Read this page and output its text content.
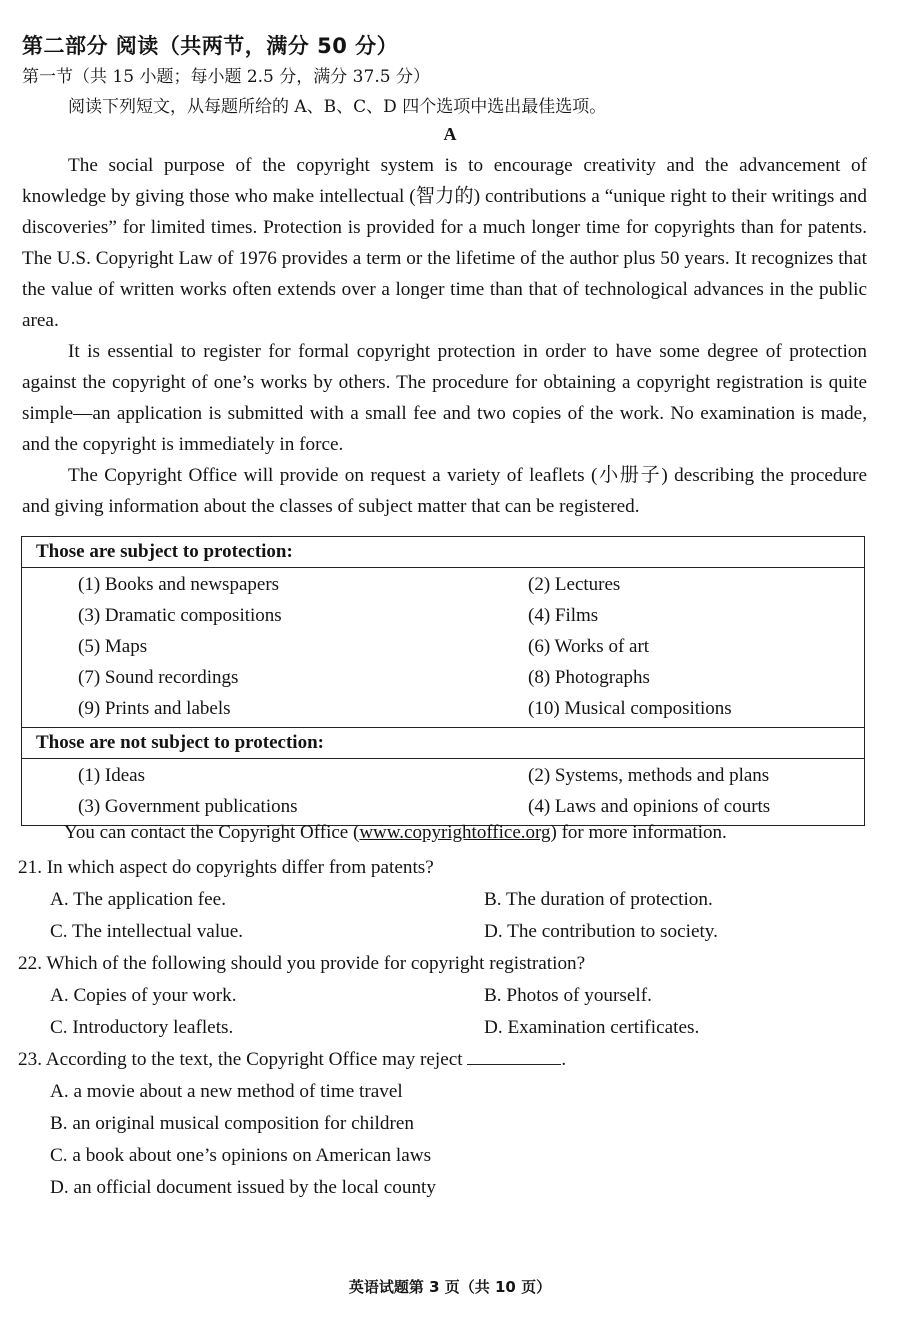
第二部分 阅读（共两节，满分 50 分）
第一节（共 15 小题；每小题 2.5 分，满分 37.5 分）
阅读下列短文，从每题所给的 A、B、C、D 四个选项中选出最佳选项。
A

The social purpose of the copyright system is to encourage creativity and the advancement of knowledge by giving those who make intellectual (智力的) contributions a “unique right to their writings and discoveries” for limited times. Protection is provided for a much longer time for copyrights than for patents. The U.S. Copyright Law of 1976 provides a term or the lifetime of the author plus 50 years. It recognizes that the value of written works often extends over a longer time than that of technological advances in the public area.

It is essential to register for formal copyright protection in order to have some degree of protection against the copyright of one’s works by others. The procedure for obtaining a copyright registration is quite simple—an application is submitted with a small fee and two copies of the work. No examination is made, and the copyright is immediately in force.

The Copyright Office will provide on request a variety of leaflets (小册子) describing the procedure and giving information about the classes of subject matter that can be registered.

Those are subject to protection:
(1) Books and newspapers	(2) Lectures
(3) Dramatic compositions	(4) Films
(5) Maps	(6) Works of art
(7) Sound recordings	(8) Photographs
(9) Prints and labels	(10) Musical compositions
Those are not subject to protection:
(1) Ideas	(2) Systems, methods and plans
(3) Government publications	(4) Laws and opinions of courts
You can contact the Copyright Office (www.copyrightoffice.org) for more information.
21. In which aspect do copyrights differ from patents?
A. The application fee.	B. The duration of protection.
C. The intellectual value.	D. The contribution to society.
22. Which of the following should you provide for copyright registration?
A. Copies of your work.	B. Photos of yourself.
C. Introductory leaflets.	D. Examination certificates.
23. According to the text, the Copyright Office may reject	.
A. a movie about a new method of time travel
B. an original musical composition for children
C. a book about one’s opinions on American laws
D. an official document issued by the local county
英语试题第 3 页（共 10 页）
